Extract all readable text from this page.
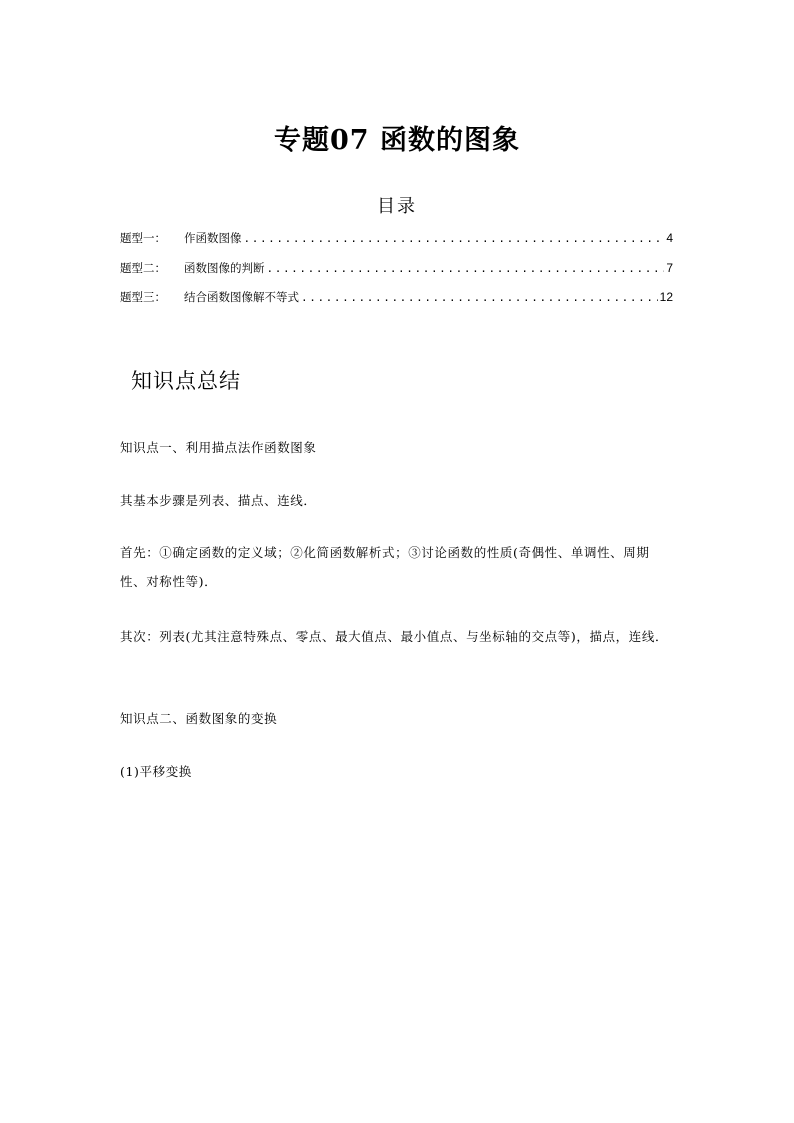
专题07 函数的图象
目录
题型一：	作函数图像 .....	4
题型二：	函数图像的判断 .....	7
题型三：	结合函数图像解不等式 .....	12
知识点总结
知识点一、利用描点法作函数图象
其基本步骤是列表、描点、连线．
首先：①确定函数的定义域；②化简函数解析式；③讨论函数的性质(奇偶性、单调性、周期性、对称性等)．
其次：列表(尤其注意特殊点、零点、最大值点、最小值点、与坐标轴的交点等)，描点，连线．
知识点二、函数图象的变换
(1)平移变换
